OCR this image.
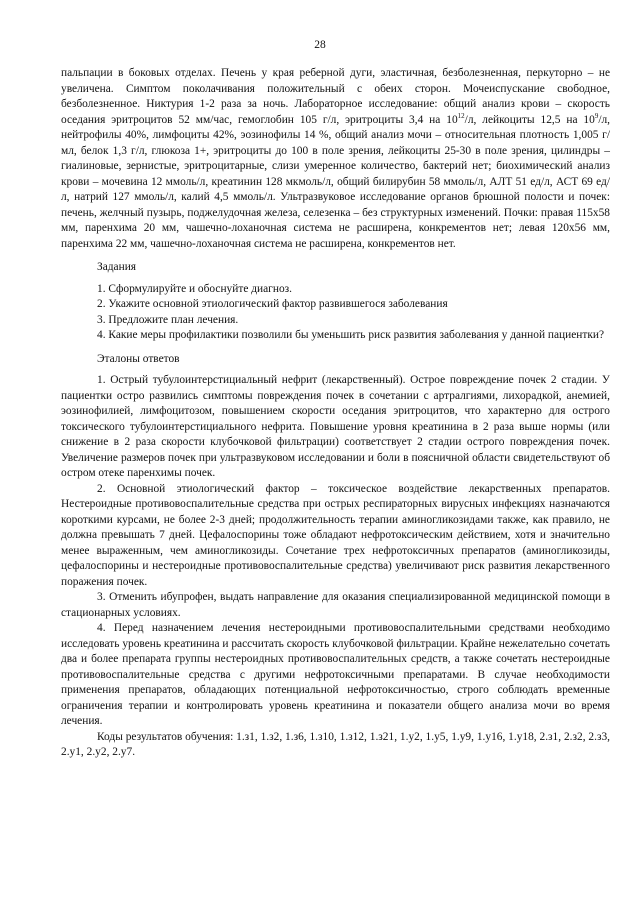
28

пальпации в боковых отделах. Печень у края реберной дуги, эластичная, безболезненная, перкуторно – не увеличена. Симптом поколачивания положительный с обеих сторон. Мочеиспускание свободное, безболезненное. Никтурия 1-2 раза за ночь. Лабораторное исследование: общий анализ крови – скорость оседания эритроцитов 52 мм/час, гемоглобин 105 г/л, эритроциты 3,4 на $10^{12}/л$, лейкоциты 12,5 на $10^9/л$, нейтрофилы 40%, лимфоциты 42%, эозинофилы 14 %, общий анализ мочи – относительная плотность 1,005 г/мл, белок 1,3 г/л, глюкоза 1+, эритроциты до 100 в поле зрения, лейкоциты 25-30 в поле зрения, цилиндры – гиалиновые, зернистые, эритроцитарные, слизи умеренное количество, бактерий нет; биохимический анализ крови – мочевина 12 ммоль/л, креатинин 128 мкмоль/л, общий билирубин 58 ммоль/л, АЛТ 51 ед/л, АСТ 69 ед/л, натрий 127 ммоль/л, калий 4,5 ммоль/л. Ультразвуковое исследование органов брюшной полости и почек: печень, желчный пузырь, поджелудочная железа, селезенка – без структурных изменений. Почки: правая 115х58 мм, паренхима 20 мм, чашечно-лоханочная система не расширена, конкрементов нет; левая 120х56 мм, паренхима 22 мм, чашечно-лоханочная система не расширена, конкрементов нет.

Задания

1. Сформулируйте и обоснуйте диагноз.

2. Укажите основной этиологический фактор развившегося заболевания

3. Предложите план лечения.

4. Какие меры профилактики позволили бы уменьшить риск развития заболевания у данной пациентки?

Эталоны ответов

1. Острый тубулоинтерстициальный нефрит (лекарственный). Острое повреждение почек 2 стадии. У пациентки остро развились симптомы повреждения почек в сочетании с артралгиями, лихорадкой, анемией, эозинофилией, лимфоцитозом, повышением скорости оседания эритроцитов, что характерно для острого токсического тубулоинтерстициального нефрита. Повышение уровня креатинина в 2 раза выше нормы (или снижение в 2 раза скорости клубочковой фильтрации) соответствует 2 стадии острого повреждения почек. Увеличение размеров почек при ультразвуковом исследовании и боли в поясничной области свидетельствуют об остром отеке паренхимы почек.

2. Основной этиологический фактор – токсическое воздействие лекарственных препаратов. Нестероидные противовоспалительные средства при острых респираторных вирусных инфекциях назначаются короткими курсами, не более 2-3 дней; продолжительность терапии аминогликозидами также, как правило, не должна превышать 7 дней. Цефалоспорины тоже обладают нефротоксическим действием, хотя и значительно менее выраженным, чем аминогликозиды. Сочетание трех нефротоксичных препаратов (аминогликозиды, цефалоспорины и нестероидные противовоспалительные средства) увеличивают риск развития лекарственного поражения почек.

3. Отменить ибупрофен, выдать направление для оказания специализированной медицинской помощи в стационарных условиях.

4. Перед назначением лечения нестероидными противовоспалительными средствами необходимо исследовать уровень креатинина и рассчитать скорость клубочковой фильтрации. Крайне нежелательно сочетать два и более препарата группы нестероидных противовоспалительных средств, а также сочетать нестероидные противовоспалительные средства с другими нефротоксичными препаратами. В случае необходимости применения препаратов, обладающих потенциальной нефротоксичностью, строго соблюдать временные ограничения терапии и контролировать уровень креатинина и показатели общего анализа мочи во время лечения.

Коды результатов обучения: 1.з1, 1.з2, 1.з6, 1.з10, 1.з12, 1.з21, 1.у2, 1.у5, 1.у9, 1.у16, 1.у18, 2.з1, 2.з2, 2.з3, 2.у1, 2.у2, 2.у7.
